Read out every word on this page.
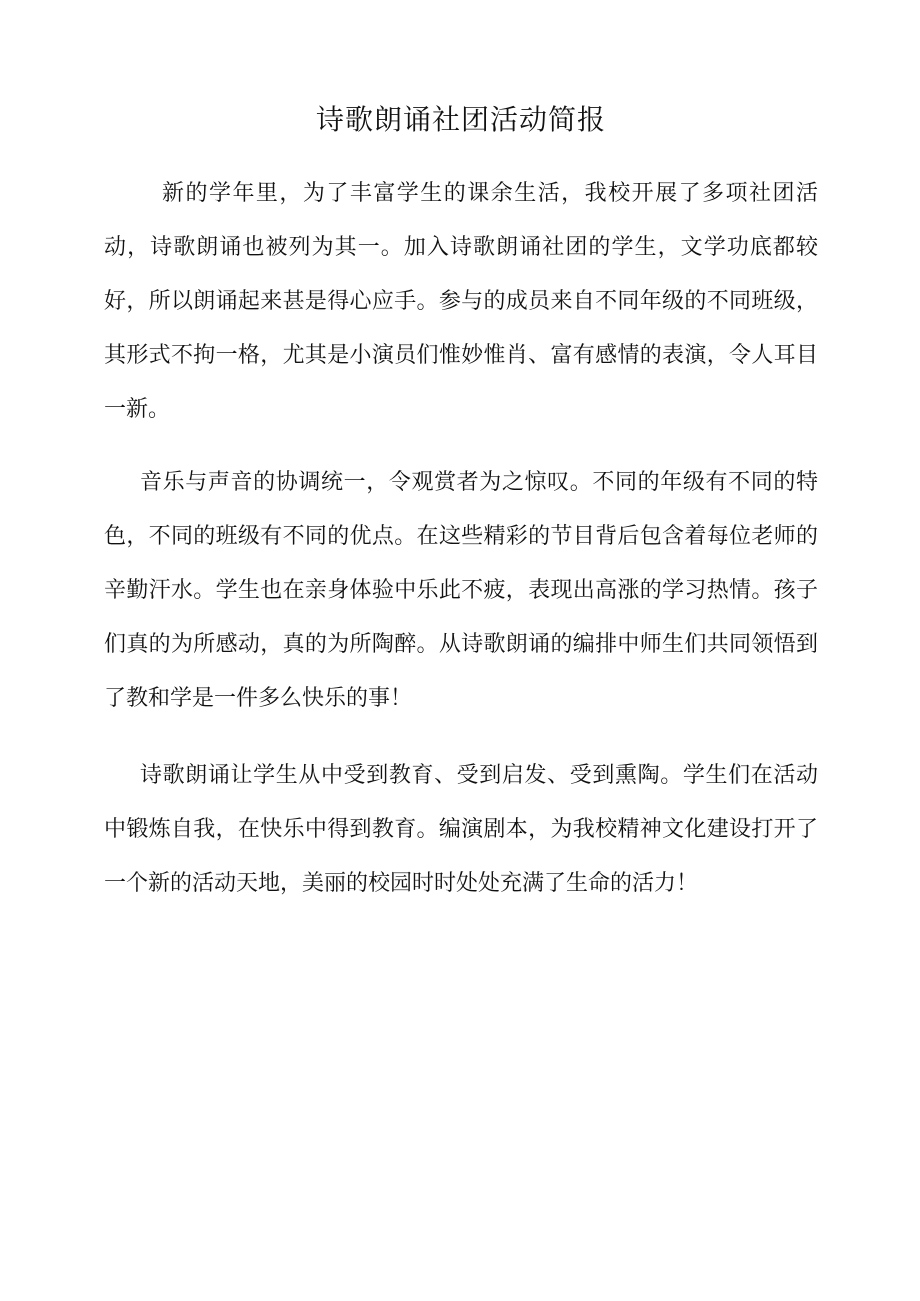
诗歌朗诵社团活动简报

新的学年里，为了丰富学生的课余生活，我校开展了多项社团活动，诗歌朗诵也被列为其一。加入诗歌朗诵社团的学生，文学功底都较好，所以朗诵起来甚是得心应手。参与的成员来自不同年级的不同班级，其形式不拘一格，尤其是小演员们惟妙惟肖、富有感情的表演，令人耳目一新。

音乐与声音的协调统一，令观赏者为之惊叹。不同的年级有不同的特色，不同的班级有不同的优点。在这些精彩的节目背后包含着每位老师的辛勤汗水。学生也在亲身体验中乐此不疲，表现出高涨的学习热情。孩子们真的为所感动，真的为所陶醉。从诗歌朗诵的编排中师生们共同领悟到了教和学是一件多么快乐的事！

诗歌朗诵让学生从中受到教育、受到启发、受到熏陶。学生们在活动中锻炼自我，在快乐中得到教育。编演剧本，为我校精神文化建设打开了一个新的活动天地，美丽的校园时时处处充满了生命的活力！
